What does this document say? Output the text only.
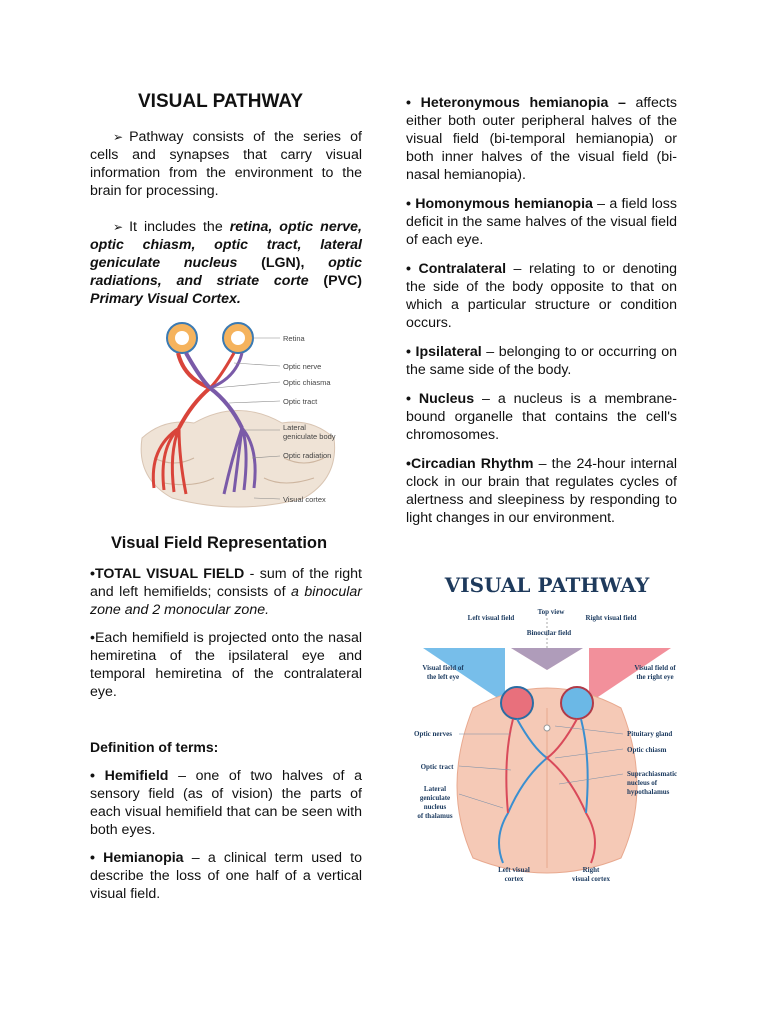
VISUAL PATHWAY

➢ Pathway consists of the series of cells and synapses that carry visual information from the environment to the brain for processing.

➢ It includes the retina, optic nerve, optic chiasm, optic tract, lateral geniculate nucleus (LGN), optic radiations, and striate corte (PVC) Primary Visual Cortex.

Retina
Optic nerve
Optic chiasma
Optic tract
Lateral
geniculate body
Optic radiation
Visual cortex
Visual Field Representation

•TOTAL VISUAL FIELD - sum of the right and left hemifields; consists of a binocular zone and 2 monocular zone.

•Each hemifield is projected onto the nasal hemiretina of the ipsilateral eye and temporal hemiretina of the contralateral eye.

Definition of terms:

• Hemifield – one of two halves of a sensory field (as of vision) the parts of each visual hemifield that can be seen with both eyes.

• Hemianopia – a clinical term used to describe the loss of one half of a vertical visual field.

• Heteronymous hemianopia – affects either both outer peripheral halves of the visual field (bi-temporal hemianopia) or both inner halves of the visual field (bi-nasal hemianopia).

• Homonymous hemianopia – a field loss deficit in the same halves of the visual field of each eye.

• Contralateral – relating to or denoting the side of the body opposite to that on which a particular structure or condition occurs.

• Ipsilateral – belonging to or occurring on the same side of the body.

• Nucleus – a nucleus is a membrane-bound organelle that contains the cell's chromosomes.

•Circadian Rhythm – the 24-hour internal clock in our brain that regulates cycles of alertness and sleepiness by responding to light changes in our environment.

VISUAL PATHWAY
Top view
Left visual field	Right visual field
Binocular field
Visual field of
the left eye
Visual field of
the right eye
Optic nerves	Pituitary gland
Optic chiasm
Optic tract
Suprachiasmatic
nucleus of
hypothalamus
Lateral
geniculate
nucleus
of thalamus
Left visual
cortex
Right
visual cortex
